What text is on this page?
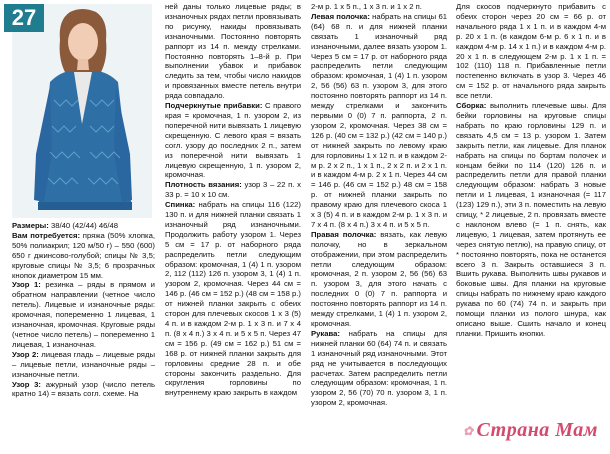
27

Размеры: 38/40 (42/44) 46/48

Вам потребуется: пряжа (50% хлопка, 50% полиакрил; 120 м/50 г) – 550 (600) 650 г джинсово-голубой; спицы № 3,5; круговые спицы № 3,5; 6 прозрачных кнопок диаметром 15 мм.

Узор 1: резинка – ряды в прямом и обратном направлении (четное число петель). Лицевые и изнаночные ряды: кромочная, попеременно 1 лицевая, 1 изнаночная, кромочная. Круговые ряды (четное число петель) – попеременно 1 лицевая, 1 изнаночная.

Узор 2: лицевая гладь – лицевые ряды – лицевые петли, изнаночные ряды – изнаночные петли.

Узор 3: ажурный узор (число петель кратно 14) = вязать согл. схеме. На

ней даны только лицевые ряды; в изнаночных рядах петли провязывать по рисунку, накиды провязывать изнаночными. Постоянно повторять раппорт из 14 п. между стрелками. Постоянно повторять 1–8-й р. При выполнении убавок и прибавок следить за тем, чтобы число накидов и провязанных вместе петель внутри ряда совпадало.

Подчеркнутые прибавки: С правого края = кромочная, 1 п. узором 2, из поперечной нити вывязать 1 лицевую скрещенную. С левого края = вязать согл. узору до последних 2 п., затем из поперечной нити вывязать 1 лицевую скрещенную, 1 п. узором 2, кромочная.

Плотность вязания: узор 3 – 22 п. х 33 р. = 10 х 10 см.

Спинка: набрать на спицы 116 (122) 130 п. и для нижней планки связать 1 изнаночный ряд изнаночными. Продолжить работу узором 1. Через 5 см = 17 р. от наборного ряда распределить петли следующим образом: кромочная, 1 (4) 1 п. узором 2, 112 (112) 126 п. узором 3, 1 (4) 1 п. узором 2, кромочная. Через 44 см = 146 р. (46 см = 152 р.) (48 см = 158 р.) от нижней планки закрыть с обеих сторон для плечевых скосов 1 х 3 (5) 4 п. и в каждом 2-м р. 1 х 3 п. и 7 х 4 п. (8 х 4 п.) 3 х 4 п. и 5 х 5 п. Через 47 см = 156 р. (49 см = 162 р.) 51 см = 168 р. от нижней планки закрыть для горловины средние 28 п. и обе стороны закончить раздельно. Для скругления горловины по внутреннему краю закрыть в каждом

2-м р. 1 х 5 п., 1 х 3 п. и 1 х 2 п.

Левая полочка: набрать на спицы 61 (64) 68 п. и для нижней планки связать 1 изнаночный ряд изнаночными, далее вязать узором 1. Через 5 см = 17 р. от наборного ряда распределить петли следующим образом: кромочная, 1 (4) 1 п. узором 2, 56 (56) 63 п. узором 3, для этого постоянно повторять раппорт из 14 п. между стрелками и закончить первыми 0 (0) 7 п. раппорта, 2 п. узором 2, кромочная. Через 38 см = 126 р. (40 см = 132 р.) (42 см = 140 р.) от нижней закрыть по левому краю для горловины 1 х 12 п. и в каждом 2-м р. 2 х 2 п., 1 х 1 п., 2 х 2 п. и 2 х 1 п. и в каждом 4-м р. 2 х 1 п. Через 44 см = 146 р. (46 см = 152 р.) 48 см = 158 р. от нижней планки закрыть по правому краю для плечевого скоса 1 х 3 (5) 4 п. и в каждом 2-м р. 1 х 3 п. и 7 х 4 п. (8 х 4 п.) 3 х 4 п. и 5 х 5 п.

Правая полочка: вязать, как левую полочку, но в зеркальном отображении, при этом распределить петли следующим образом: кромочная, 2 п. узором 2, 56 (56) 63 п. узором 3, для этого начать с последних 0 (0) 7 п. раппорта и постоянно повторять раппорт из 14 п. между стрелками, 1 (4) 1 п. узором 2, кромочная.

Рукава: набрать на спицы для нижней планки 60 (64) 74 п. и связать 1 изнаночный ряд изнаночными. Этот ряд не учитывается в последующих расчетах. Затем распределить петли следующим образом: кромочная, 1 п. узором 2, 56 (70) 70 п. узором 3, 1 п. узором 2, кромочная.

Для скосов подчеркнуто прибавить с обеих сторон через 20 см = 66 р. от начального ряда 1 х 1 п. и в каждом 4-м р. 20 х 1 п. (в каждом 6-м р. 6 х 1 п. и в каждом 4-м р. 14 х 1 п.) и в каждом 4-м р. 20 х 1 п. в следующем 2-м р. 1 х 1 п. = 102 (110) 118 п. Прибавленные петли постепенно включать в узор 3. Через 46 см = 152 р. от начального ряда закрыть все петли.

Сборка: выполнить плечевые швы. Для бейки горловины на круговые спицы набрать по краю горловины 129 п. и связать 4,5 см = 13 р. узором 1. Затем закрыть петли, как лицевые. Для планок набрать на спицы по бортам полочек и концам бейки по 114 (120) 126 п. и распределить петли для правой планки следующим образом: набрать 3 новые петли и 1 лицевая, 1 изнаночная (= 117 (123) 129 п.), эти 3 п. поместить на левую спицу, * 2 лицевые, 2 п. провязать вместе с наклоном влево (= 1 п. снять, как лицевую, 1 лицевая, затем протянуть ее через снятую петлю), на правую спицу, от * постоянно повторять, пока не останется всего 3 п. Закрыть оставшиеся 3 п. Вшить рукава. Выполнить швы рукавов и боковые швы. Для планки на круговые спицы набрать по нижнему краю каждого рукава по 60 (74) 74 п. и закрыть при помощи планки из полого шнура, как описано выше. Сшить начало и конец планки. Пришить кнопки.

✿ Страна Мам
